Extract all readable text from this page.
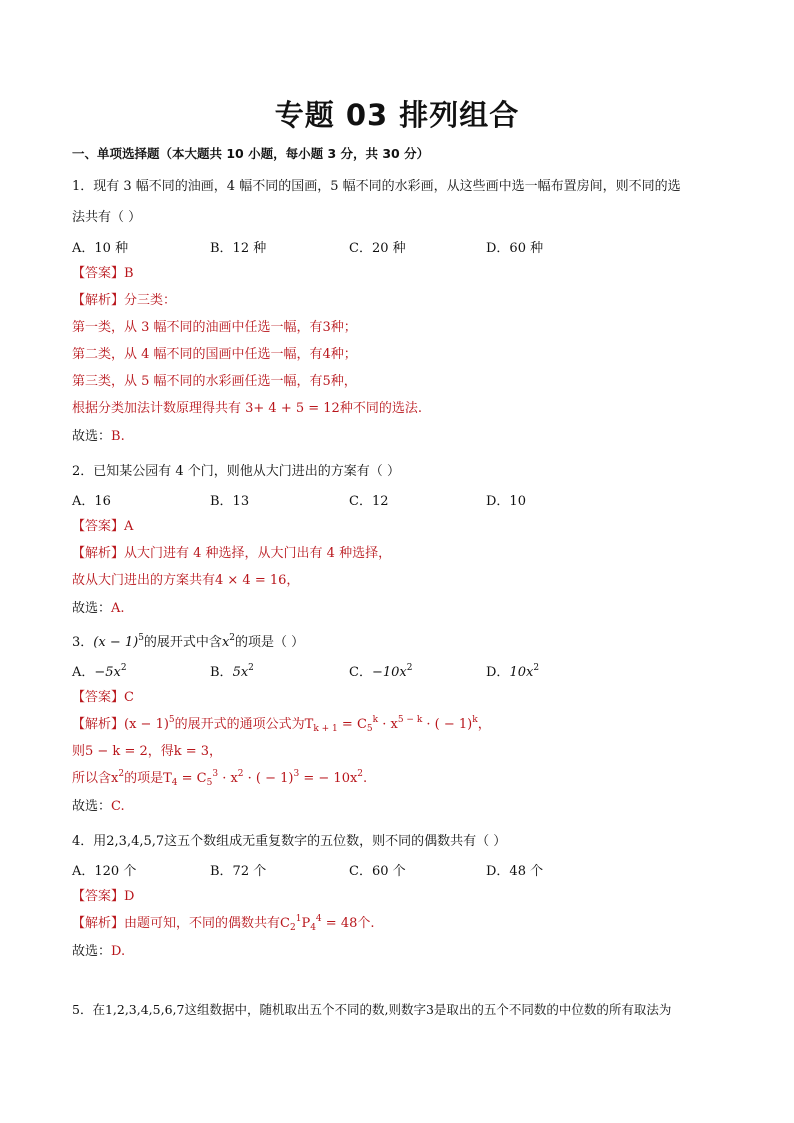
专题 03 排列组合
一、单项选择题（本大题共 10 小题，每小题 3 分，共 30 分）
1．现有 3 幅不同的油画，4 幅不同的国画，5 幅不同的水彩画，从这些画中选一幅布置房间，则不同的选
法共有（ ）
A．10 种	B．12 种	C．20 种	D．60 种
【答案】B
【解析】分三类：
第一类，从 3 幅不同的油画中任选一幅，有3种；
第二类，从 4 幅不同的国画中任选一幅，有4种；
第三类，从 5 幅不同的水彩画任选一幅，有5种，
根据分类加法计数原理得共有 3+ 4 + 5 = 12种不同的选法.
故选：B.
2．已知某公园有 4 个门，则他从大门进出的方案有（ ）
A．16	B．13	C．12	D．10
【答案】A
【解析】从大门进有 4 种选择，从大门出有 4 种选择，
故从大门进出的方案共有4 × 4 = 16，
故选：A.
3．$(x - 1)^5$的展开式中含$x^2$的项是（ ）
A．$-5x^2$	B．$5x^2$	C．$-10x^2$	D．$10x^2$
【答案】C
【解析】$(x - 1)^5$的展开式的通项公式为$T_{k + 1} = C_5^k \cdot x^{5 - k}$ · ( − 1)$^k$，
则5 − k = 2，得k = 3，
所以含$x^2$的项是$T_4 = C_5^3 \cdot x^2$ · ( − 1)$^3$ = − $10x^2$.
故选：C.
4．用2,3,4,5,7这五个数组成无重复数字的五位数，则不同的偶数共有（ ）
A．120 个	B．72 个	C．60 个	D．48 个
【答案】D
【解析】由题可知，不同的偶数共有$C_2^1P_4^4 = 48$个.
故选：D.
5．在1,2,3,4,5,6,7这组数据中，随机取出五个不同的数,则数字3是取出的五个不同数的中位数的所有取法为
